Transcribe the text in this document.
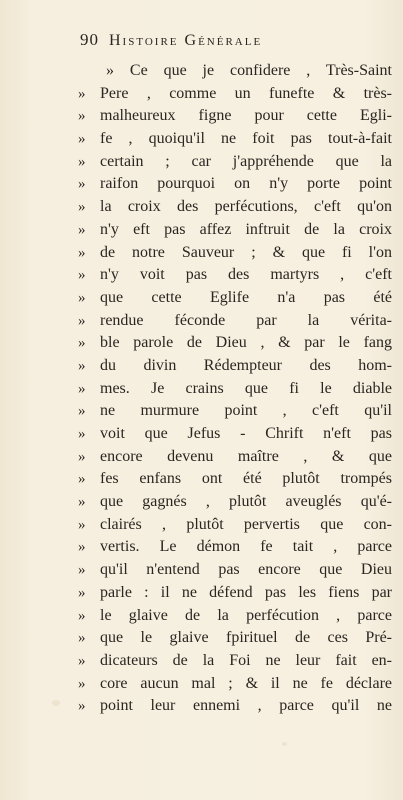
90 Histoire Générale
» Ce que je confidere , Très-Saint
» Pere , comme un funefte & très-
» malheureux figne pour cette Egli-
» fe , quoiqu'il ne foit pas tout-à-fait
» certain ; car j'appréhende que la
» raifon pourquoi on n'y porte point
» la croix des perfécutions, c'eft qu'on
» n'y eft pas affez inftruit de la croix
» de notre Sauveur ; & que fi l'on
» n'y voit pas des martyrs , c'eft
» que cette Eglife n'a pas été
» rendue féconde par la vérita-
» ble parole de Dieu , & par le fang
» du divin Rédempteur des hom-
» mes. Je crains que fi le diable
» ne murmure point , c'eft qu'il
» voit que Jefus - Chrift n'eft pas
» encore devenu maître , & que
» fes enfans ont été plutôt trompés
» que gagnés , plutôt aveuglés qu'é-
» clairés , plutôt pervertis que con-
» vertis. Le démon fe tait , parce
» qu'il n'entend pas encore que Dieu
» parle : il ne défend pas les fiens par
» le glaive de la perfécution , parce
» que le glaive fpirituel de ces Pré-
» dicateurs de la Foi ne leur fait en-
» core aucun mal ; & il ne fe déclare
» point leur ennemi , parce qu'il ne
